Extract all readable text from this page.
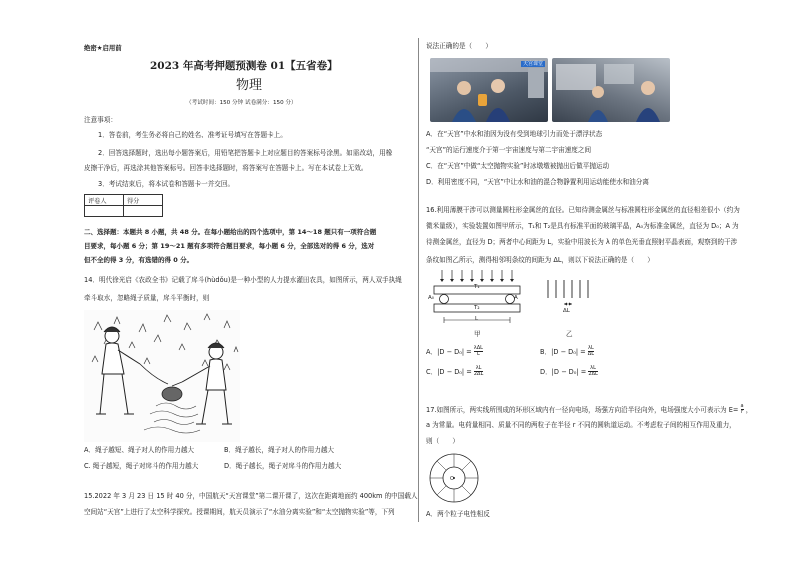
绝密★启用前
2023 年高考押题预测卷 01【五省卷】
物理
（考试时间：150 分钟 试卷满分：150 分）
注意事项：
1．答卷前，考生务必将自己的姓名、准考证号填写在答题卡上。
2．回答选择题时，选出每小题答案后，用铅笔把答题卡上对应题目的答案标号涂黑。如需改动，用橡
皮擦干净后，再选涂其他答案标号。回答非选择题时，将答案写在答题卡上。写在本试卷上无效。
3．考试结束后，将本试卷和答题卡一并交回。
评卷人	得分

二、选择题：本题共 8 小题，共 48 分。在每小题给出的四个选项中，第 14～18 题只有一项符合题
目要求，每小题 6 分；第 19～21 题有多项符合题目要求，每小题 6 分，全部选对的得 6 分，选对
但不全的得 3 分，有选错的得 0 分。
14．明代徐光启《农政全书》记载了戽斗(hùdǒu)是一种小型的人力提水灌田农具，如图所示，两人双手执绳
牵斗取水，忽略绳子质量，戽斗平衡时，则
A．绳子越短、绳子对人的作用力越大	B．绳子越长，绳子对人的作用力越大
C. 绳子越短，绳子对戽斗的作用力越大	D．绳子越长，绳子对戽斗的作用力越大
15.2022 年 3 月 23 日 15 时 40 分，中国航天“天宫课堂”第二课开课了，这次在距离地面约 400km 的中国载人
空间站“天宫”上进行了太空科学探究。授课期间，航天员演示了“水油分离实验”和“太空抛物实验”等，下列
说法正确的是（　　）
天宫课堂
A．在“天宫”中水和油因为没有受到地球引力而处于漂浮状态
“天宫”的运行速度介于第一宇宙速度与第二宇宙速度之间
C．在“天宫”中做“太空抛物实验”时冰墩墩被抛出后做平抛运动
D．利用密度不同，“天宫”中让水和油的混合物静置利用运动能使水和油分离
16.利用薄膜干涉可以测量圆柱形金属丝的直径。已知待测金属丝与标准圆柱形金属丝的直径相差很小（约为
微米量级），实验装置如图甲所示，T₁和 T₂是具有标准平面的玻璃平晶，A₀为标准金属丝，直径为 D₀；A 为
待测金属丝，直径为 D；两者中心间距为 L，实验中用波长为 λ 的单色光垂直照射平晶表面，观察到的干涉
条纹如图乙所示，测得相邻明条纹的间距为 ΔL，则以下说法正确的是（　　）
T₁
A₀	A
T₂
L
甲
ΔL
乙
A．$|D - D_0| = \frac{\text{λΔL}}{L}$	B．$|D - D_0| = \frac{\lambda L}{\Delta L}$
C．$|D - D_0| = \frac{\lambda L}{2\Delta L}$	D．$|D - D_0| = \frac{\lambda L}{2\Delta L}$
17.如图所示，两实线所围成的环形区域内有一径向电场，场强方向沿半径向外，电场强度大小可表示为 $E= \frac{a}{r}$ ，
a 为常量。电荷量相同、质量不同的两粒子在半径 r 不同的圆轨道运动。不考虑粒子间的相互作用及重力，
则（　　）
O
A．两个粒子电性相反
